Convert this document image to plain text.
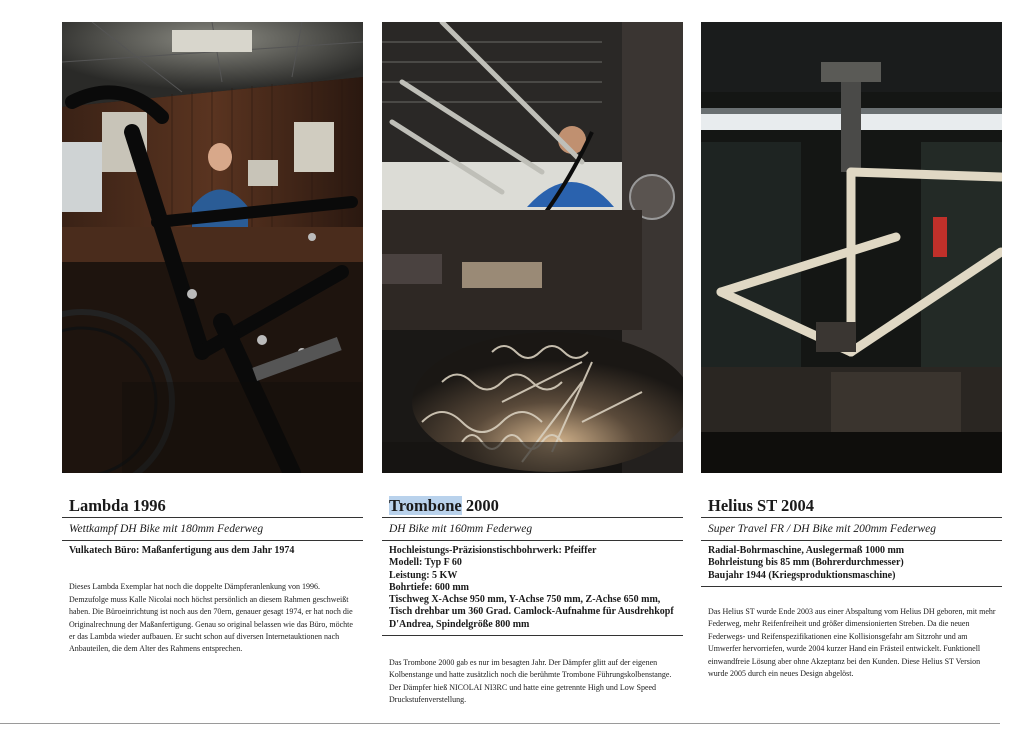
Lambda 1996
Wettkampf DH Bike mit 180mm Federweg
Vulkatech Büro: Maßanfertigung aus dem Jahr 1974
Dieses Lambda Exemplar hat noch die doppelte Dämpferanlenkung von 1996. Demzufolge muss Kalle Nicolai noch höchst persönlich an diesem Rahmen geschweißt haben. Die Büroeinrichtung ist noch aus den 70ern, genauer gesagt 1974, er hat noch die Originalrechnung der Maßanfertigung. Genau so original belassen wie das Büro, möchte er das Lambda wieder aufbauen. Er sucht schon auf diversen Internetauktionen nach Anbauteilen, die dem Alter des Rahmens entsprechen.
Trombone 2000
DH Bike mit 160mm Federweg
Hochleistungs-Präzisionstischbohrwerk: Pfeiffer
Modell: Typ F 60
Leistung: 5 KW
Bohrtiefe: 600 mm
Tischweg X-Achse 950 mm, Y-Achse 750 mm, Z-Achse 650 mm, Tisch drehbar um 360 Grad. Camlock-Aufnahme für Ausdrehkopf D'Andrea, Spindelgröße 800 mm
Das Trombone 2000 gab es nur im besagten Jahr. Der Dämpfer glitt auf der eigenen Kolbenstange und hatte zusätzlich noch die berühmte Trombone Führungskolbenstange. Der Dämpfer hieß NICOLAI NI3RC und hatte eine getrennte High und Low Speed Druckstufenverstellung.
Helius ST 2004
Super Travel FR / DH Bike mit 200mm Federweg
Radial-Bohrmaschine, Auslegermaß 1000 mm
Bohrleistung bis 85 mm (Bohrerdurchmesser)
Baujahr 1944 (Kriegsproduktionsmaschine)
Das Helius ST wurde Ende 2003 aus einer Abspaltung vom Helius DH geboren, mit mehr Federweg, mehr Reifenfreiheit und größer dimensionierten Streben. Da die neuen Federwegs- und Reifenspezifikationen eine Kollisionsgefahr am Sitzrohr und am Umwerfer hervorriefen, wurde 2004 kurzer Hand ein Frästeil entwickelt. Funktionell einwandfreie Lösung aber ohne Akzeptanz bei den Kunden. Diese Helius ST Version wurde 2005 durch ein neues Design abgelöst.
